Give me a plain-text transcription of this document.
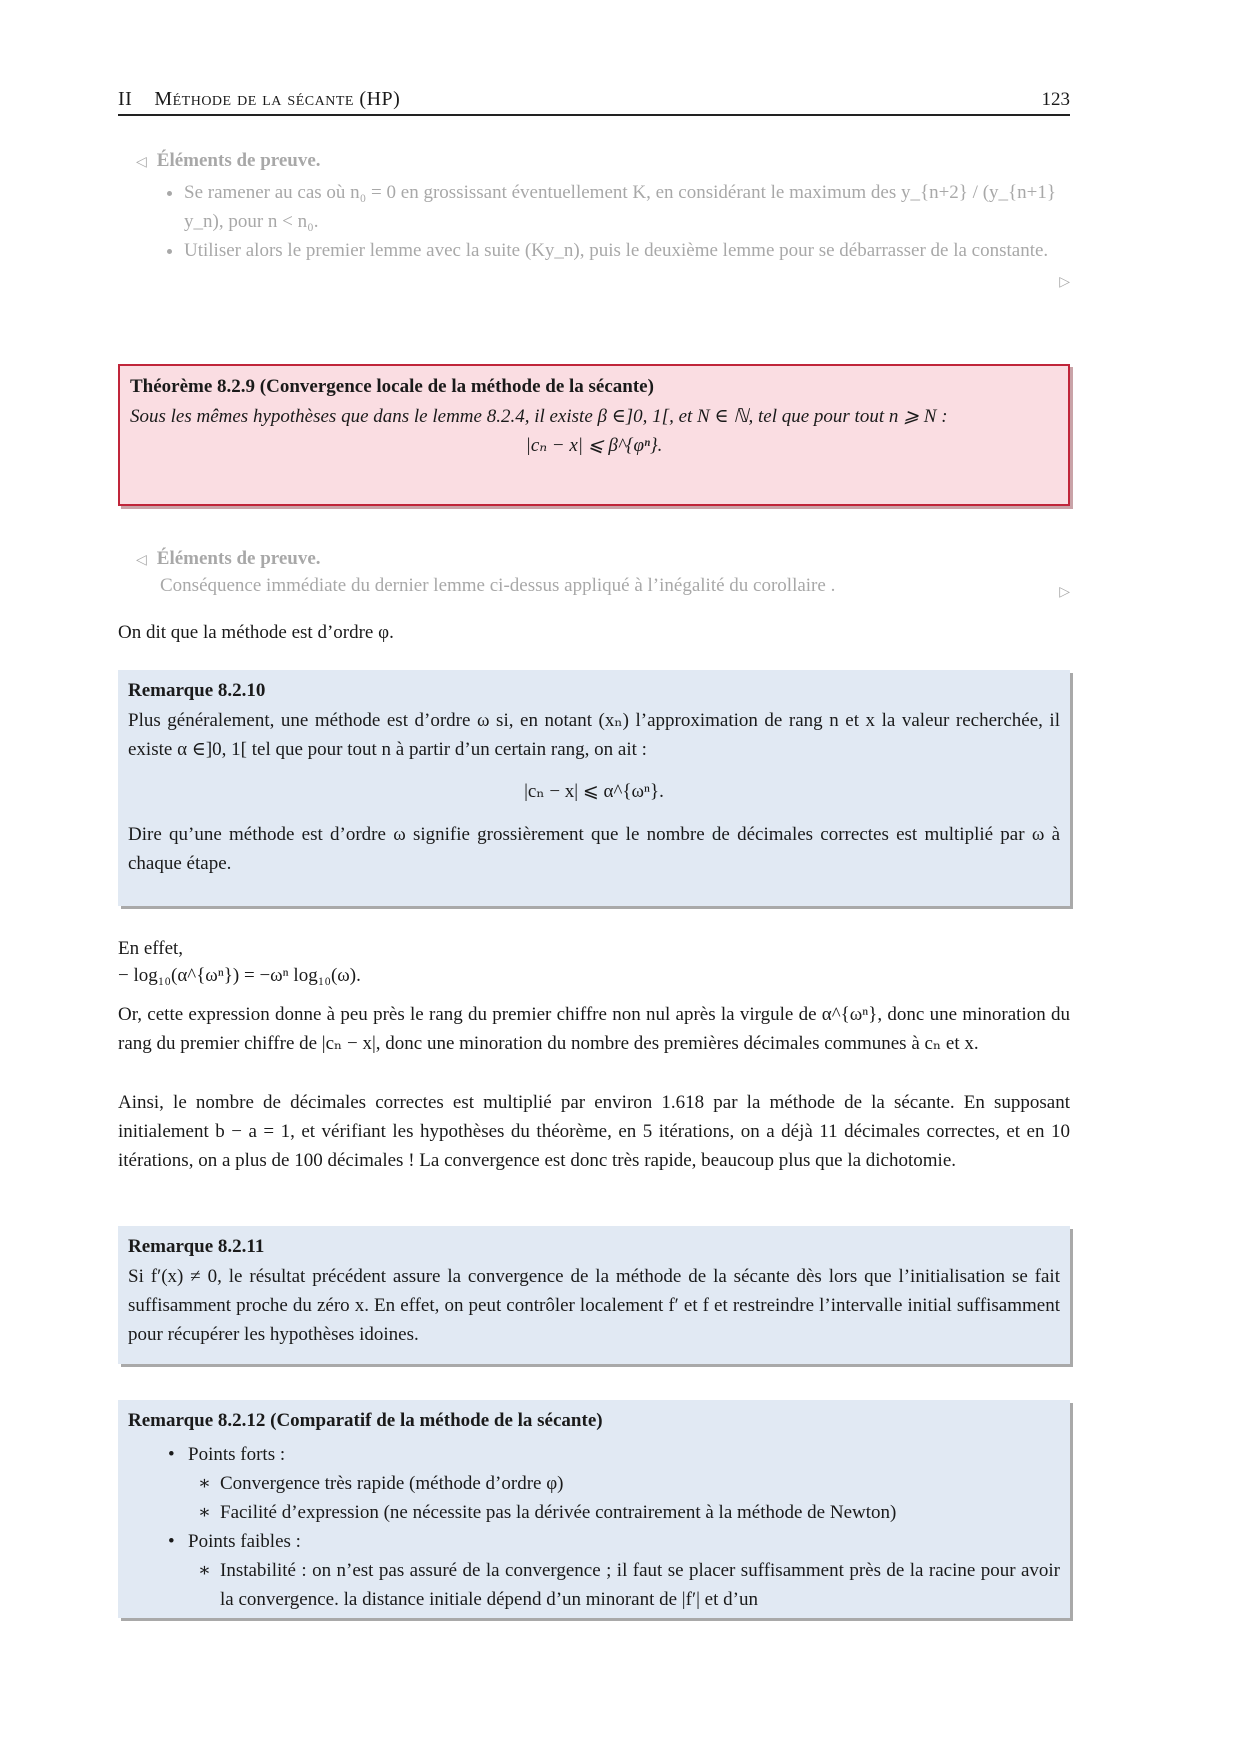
II Méthode de la sécante (HP)	123
◁ Éléments de preuve.
• Se ramener au cas où n₀ = 0 en grossissant éventuellement K, en considérant le maximum des y_{n+2} / (y_{n+1} y_n), pour n < n₀.
• Utiliser alors le premier lemme avec la suite (Ky_n), puis le deuxième lemme pour se débarrasser de la constante.
▷
Théorème 8.2.9 (Convergence locale de la méthode de la sécante)
Sous les mêmes hypothèses que dans le lemme 8.2.4, il existe β ∈]0, 1[, et N ∈ ℕ, tel que pour tout n ⩾ N :
|cₙ − x| ⩽ β^{φⁿ}.
◁ Éléments de preuve.
Conséquence immédiate du dernier lemme ci-dessus appliqué à l’inégalité du corollaire .	▷
On dit que la méthode est d’ordre φ.
Remarque 8.2.10
Plus généralement, une méthode est d’ordre ω si, en notant (xₙ) l’approximation de rang n et x la valeur recherchée, il existe α ∈]0, 1[ tel que pour tout n à partir d’un certain rang, on ait :
|cₙ − x| ⩽ α^{ωⁿ}.
Dire qu’une méthode est d’ordre ω signifie grossièrement que le nombre de décimales correctes est multiplié par ω à chaque étape.
En effet,
− log₁₀(α^{ωⁿ}) = −ωⁿ log₁₀(ω).
Or, cette expression donne à peu près le rang du premier chiffre non nul après la virgule de α^{ωⁿ}, donc une minoration du rang du premier chiffre de |cₙ − x|, donc une minoration du nombre des premières décimales communes à cₙ et x.
Ainsi, le nombre de décimales correctes est multiplié par environ 1.618 par la méthode de la sécante. En supposant initialement b − a = 1, et vérifiant les hypothèses du théorème, en 5 itérations, on a déjà 11 décimales correctes, et en 10 itérations, on a plus de 100 décimales ! La convergence est donc très rapide, beaucoup plus que la dichotomie.
Remarque 8.2.11
Si f′(x) ≠ 0, le résultat précédent assure la convergence de la méthode de la sécante dès lors que l’initialisation se fait suffisamment proche du zéro x. En effet, on peut contrôler localement f′ et f et restreindre l’intervalle initial suffisamment pour récupérer les hypothèses idoines.
Remarque 8.2.12 (Comparatif de la méthode de la sécante)
• Points forts :
∗ Convergence très rapide (méthode d’ordre φ)
∗ Facilité d’expression (ne nécessite pas la dérivée contrairement à la méthode de Newton)
• Points faibles :
∗ Instabilité : on n’est pas assuré de la convergence ; il faut se placer suffisamment près de la racine pour avoir la convergence. la distance initiale dépend d’un minorant de |f′| et d’un
